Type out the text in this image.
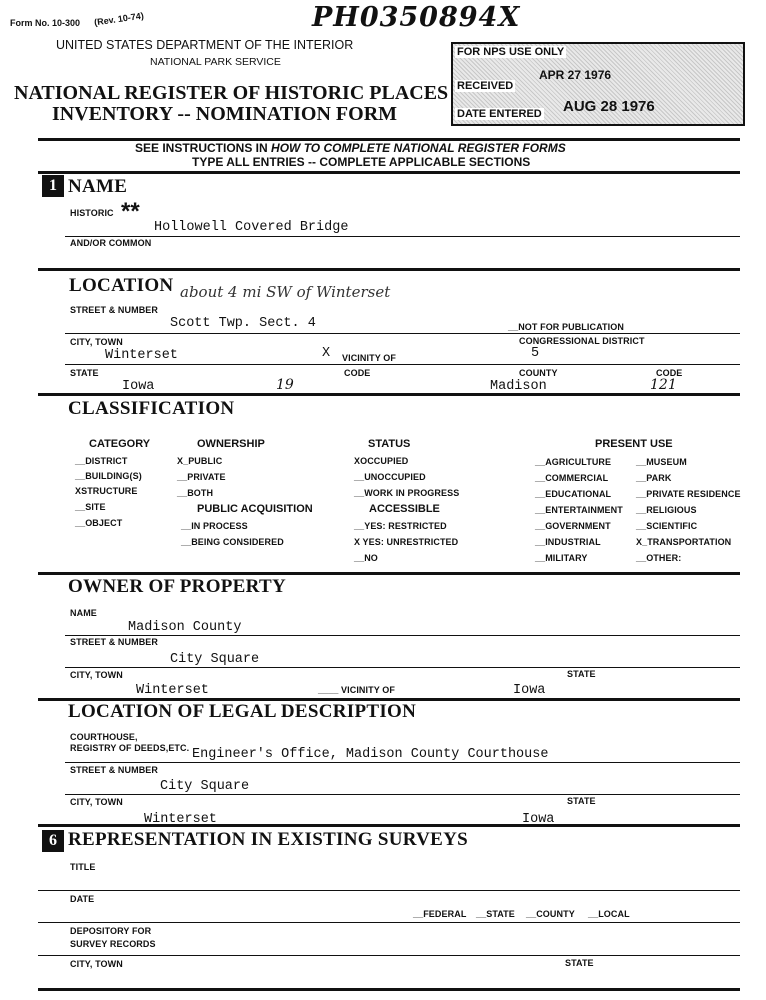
Form No. 10-300 (Rev. 10-74)	PH0350894X
UNITED STATES DEPARTMENT OF THE INTERIOR
NATIONAL PARK SERVICE
NATIONAL REGISTER OF HISTORIC PLACES
INVENTORY -- NOMINATION FORM
FOR NPS USE ONLY
RECEIVED
APR 27 1976
DATE ENTERED AUG 28 1976
SEE INSTRUCTIONS IN HOW TO COMPLETE NATIONAL REGISTER FORMS
TYPE ALL ENTRIES -- COMPLETE APPLICABLE SECTIONS
1 NAME
HISTORIC **
Hollowell Covered Bridge
AND/OR COMMON
LOCATION about 4 mi SW of Winterset
STREET & NUMBER
Scott Twp. Sect. 4	__NOT FOR PUBLICATION
CITY, TOWN	CONGRESSIONAL DISTRICT
Winterset	X VICINITY OF	5
STATE	CODE	COUNTY	CODE
Iowa	19	Madison	121
CLASSIFICATION
CATEGORY
__DISTRICT
__BUILDING(S)
XSTRUCTURE
__SITE
__OBJECT
OWNERSHIP
X_PUBLIC
__PRIVATE
__BOTH
PUBLIC ACQUISITION
__IN PROCESS
__BEING CONSIDERED
STATUS
XOCCUPIED
__UNOCCUPIED
__WORK IN PROGRESS
ACCESSIBLE
__YES: RESTRICTED
X YES: UNRESTRICTED
__NO
PRESENT USE
__AGRICULTURE
__COMMERCIAL
__EDUCATIONAL
__ENTERTAINMENT
__GOVERNMENT
__INDUSTRIAL
__MILITARY
__MUSEUM
__PARK
__PRIVATE RESIDENCE
__RELIGIOUS
__SCIENTIFIC
X_TRANSPORTATION
__OTHER:
OWNER OF PROPERTY
NAME
Madison County
STREET & NUMBER
City Square
CITY, TOWN	STATE
Winterset	____ VICINITY OF	Iowa
LOCATION OF LEGAL DESCRIPTION
COURTHOUSE,
REGISTRY OF DEEDS,ETC. Engineer's Office, Madison County Courthouse
STREET & NUMBER
City Square
CITY, TOWN	STATE
Winterset	Iowa
6 REPRESENTATION IN EXISTING SURVEYS
TITLE
DATE
__FEDERAL __STATE __COUNTY __LOCAL
DEPOSITORY FOR
SURVEY RECORDS
CITY, TOWN	STATE
